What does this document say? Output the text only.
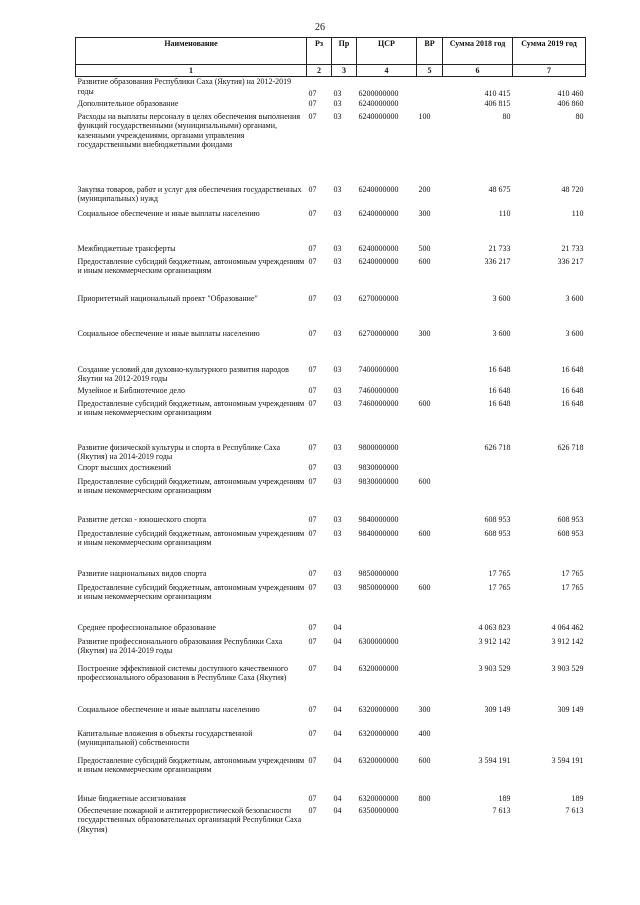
26
Наименование	Рз	Пр	ЦСР	ВР	Сумма 2018 год	Сумма 2019 год
1	2	3	4	5	6	7
Развитие образования Республики Саха (Якутия) на 2012-2019 годы	07	03	6200000000		410 415	410 460
Дополнительное образование	07	03	6240000000		406 815	406 860
Расходы на выплаты персоналу в целях обеспечения выполнения функций государственными (муниципальными) органами, казенными учреждениями, органами управления государственными внебюджетными фондами	07	03	6240000000	100	80	80
Закупка товаров, работ и услуг для обеспечения государственных (муниципальных) нужд	07	03	6240000000	200	48 675	48 720
Социальное обеспечение и иные выплаты населению	07	03	6240000000	300	110	110
Межбюджетные трансферты	07	03	6240000000	500	21 733	21 733
Предоставление субсидий бюджетным, автономным учреждениям и иным некоммерческим организациям	07	03	6240000000	600	336 217	336 217
Приоритетный национальный проект "Образование"	07	03	6270000000		3 600	3 600
Социальное обеспечение и иные выплаты населению	07	03	6270000000	300	3 600	3 600
Создание условий для духовно-культурного развития народов Якутии на 2012-2019 годы	07	03	7400000000		16 648	16 648
Музейное и Библиотечное дело	07	03	7460000000		16 648	16 648
Предоставление субсидий бюджетным, автономным учреждениям и иным некоммерческим организациям	07	03	7460000000	600	16 648	16 648
Развитие физической культуры и спорта в Республике Саха (Якутия) на 2014-2019 годы	07	03	9800000000		626 718	626 718
Спорт высших достижений	07	03	9830000000			
Предоставление субсидий бюджетным, автономным учреждениям и иным некоммерческим организациям	07	03	9830000000	600		
Развитие детско - юношеского спорта	07	03	9840000000		608 953	608 953
Предоставление субсидий бюджетным, автономным учреждениям и иным некоммерческим организациям	07	03	9840000000	600	608 953	608 953
Развитие национальных видов спорта	07	03	9850000000		17 765	17 765
Предоставление субсидий бюджетным, автономным учреждениям и иным некоммерческим организациям	07	03	9850000000	600	17 765	17 765
Среднее профессиональное образование	07	04			4 063 823	4 064 462
Развитие профессионального образования Республики Саха (Якутия) на 2014-2019 годы	07	04	6300000000		3 912 142	3 912 142
Построение эффективной системы доступного качественного профессионального образования в Республике Саха (Якутия)	07	04	6320000000		3 903 529	3 903 529
Социальное обеспечение и иные выплаты населению	07	04	6320000000	300	309 149	309 149
Капитальные вложения в объекты государственной (муниципальной) собственности	07	04	6320000000	400		
Предоставление субсидий бюджетным, автономным учреждениям и иным некоммерческим организациям	07	04	6320000000	600	3 594 191	3 594 191
Иные бюджетные ассигнования	07	04	6320000000	800	189	189
Обеспечение пожарной и антитеррористической безопасности государственных образовательных организаций Республики Саха (Якутия)	07	04	6350000000		7 613	7 613
